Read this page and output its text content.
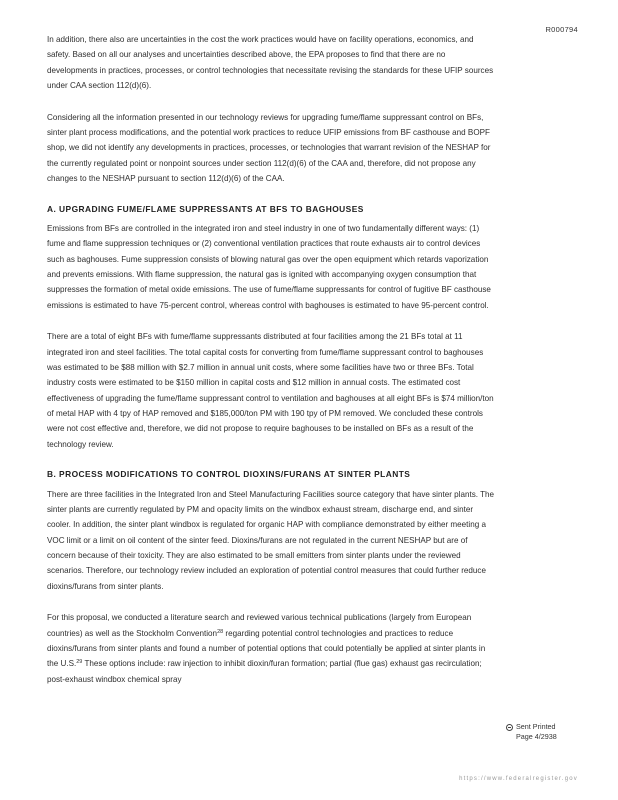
R000794

In addition, there also are uncertainties in the cost the work practices would have on facility operations, economics, and safety. Based on all our analyses and uncertainties described above, the EPA proposes to find that there are no developments in practices, processes, or control technologies that necessitate revising the standards for these UFIP sources under CAA section 112(d)(6).

Considering all the information presented in our technology reviews for upgrading fume/flame suppressant control on BFs, sinter plant process modifications, and the potential work practices to reduce UFIP emissions from BF casthouse and BOPF shop, we did not identify any developments in practices, processes, or technologies that warrant revision of the NESHAP for the currently regulated point or nonpoint sources under section 112(d)(6) of the CAA and, therefore, did not propose any changes to the NESHAP pursuant to section 112(d)(6) of the CAA.

A. UPGRADING FUME/FLAME SUPPRESSANTS AT BFS TO BAGHOUSES

Emissions from BFs are controlled in the integrated iron and steel industry in one of two fundamentally different ways: (1) fume and flame suppression techniques or (2) conventional ventilation practices that route exhausts air to control devices such as baghouses. Fume suppression consists of blowing natural gas over the open equipment which retards vaporization and prevents emissions. With flame suppression, the natural gas is ignited with accompanying oxygen consumption that suppresses the formation of metal oxide emissions. The use of fume/flame suppressants for control of fugitive BF casthouse emissions is estimated to have 75-percent control, whereas control with baghouses is estimated to have 95-percent control.

There are a total of eight BFs with fume/flame suppressants distributed at four facilities among the 21 BFs total at 11 integrated iron and steel facilities. The total capital costs for converting from fume/flame suppressant control to baghouses was estimated to be $88 million with $2.7 million in annual unit costs, where some facilities have two or three BFs. Total industry costs were estimated to be $150 million in capital costs and $12 million in annual costs. The estimated cost effectiveness of upgrading the fume/flame suppressant control to ventilation and baghouses at all eight BFs is $74 million/ton of metal HAP with 4 tpy of HAP removed and $185,000/ton PM with 190 tpy of PM removed. We concluded these controls were not cost effective and, therefore, we did not propose to require baghouses to be installed on BFs as a result of the technology review.

B. PROCESS MODIFICATIONS TO CONTROL DIOXINS/FURANS AT SINTER PLANTS

There are three facilities in the Integrated Iron and Steel Manufacturing Facilities source category that have sinter plants. The sinter plants are currently regulated by PM and opacity limits on the windbox exhaust stream, discharge end, and sinter cooler. In addition, the sinter plant windbox is regulated for organic HAP with compliance demonstrated by either meeting a VOC limit or a limit on oil content of the sinter feed. Dioxins/furans are not regulated in the current NESHAP but are of concern because of their toxicity. They are also estimated to be small emitters from sinter plants under the reviewed scenarios. Therefore, our technology review included an exploration of potential control measures that could further reduce dioxins/furans from sinter plants.

For this proposal, we conducted a literature search and reviewed various technical publications (largely from European countries) as well as the Stockholm Convention$^{28}$ regarding potential control technologies and practices to reduce dioxins/furans from sinter plants and found a number of potential options that could potentially be applied at sinter plants in the U.S.$^{29}$ These options include: raw injection to inhibit dioxin/furan formation; partial (flue gas) exhaust gas recirculation; post-exhaust windbox chemical spray

Sent Printed
Page 4/2938
https://www.federalregister.gov
